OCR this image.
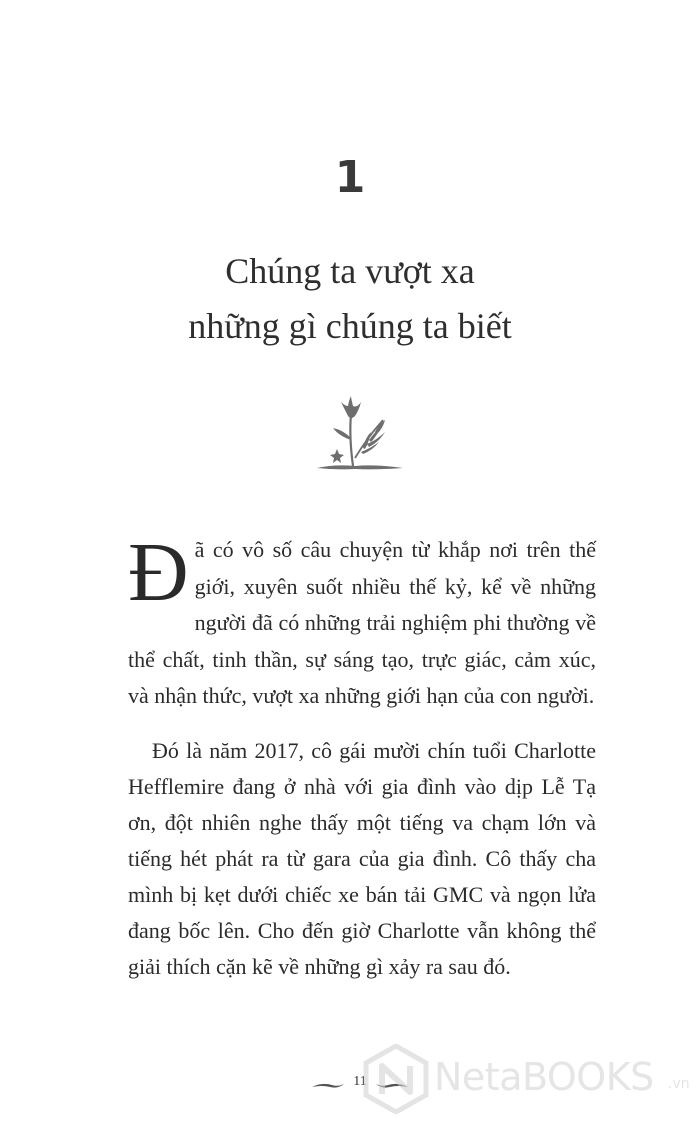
1
Chúng ta vượt xa
những gì chúng ta biết

Đã có vô số câu chuyện từ khắp nơi trên thế giới, xuyên suốt nhiều thế kỷ, kể về những người đã có những trải nghiệm phi thường về thể chất, tinh thần, sự sáng tạo, trực giác, cảm xúc, và nhận thức, vượt xa những giới hạn của con người.

Đó là năm 2017, cô gái mười chín tuổi Charlotte Hefflemire đang ở nhà với gia đình vào dịp Lễ Tạ ơn, đột nhiên nghe thấy một tiếng va chạm lớn và tiếng hét phát ra từ gara của gia đình. Cô thấy cha mình bị kẹt dưới chiếc xe bán tải GMC và ngọn lửa đang bốc lên. Cho đến giờ Charlotte vẫn không thể giải thích cặn kẽ về những gì xảy ra sau đó.

11 NetaBOOKS .vn
